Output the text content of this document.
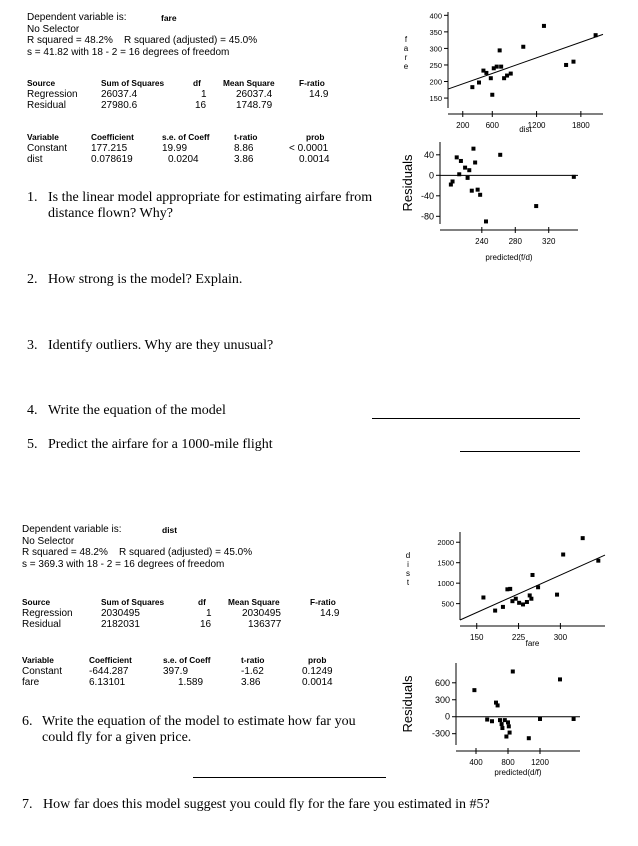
Dependent variable is:	fare
No Selector
R squared = 48.2%    R squared (adjusted) = 45.0%
s = 41.82 with 18 - 2 = 16 degrees of freedom
Source	Sum of Squares	df	Mean Square	F-ratio
Regression 26037.4	1	26037.4	14.9
Residual	27980.6	16	1748.79
Variable	Coefficient	s.e. of Coeff	t-ratio	prob
Constant 177.215	19.99	8.86	< 0.0001
dist	0.078619	0.0204	3.86	0.0014
1. Is the linear model appropriate for estimating airfare from distance flown? Why?
2. How strong is the model? Explain.
3. Identify outliers. Why are they unusual?
4. Write the equation of the model
5. Predict the airfare for a 1000-mile flight
Dependent variable is:	dist
No Selector
R squared = 48.2%    R squared (adjusted) = 45.0%
s = 369.3 with 18 - 2 = 16 degrees of freedom
Source	Sum of Squares	df	Mean Square	F-ratio
Regression	2030495	1	2030495	14.9
Residual	2182031	16	136377
Variable	Coefficient	s.e. of Coeff	t-ratio	prob
Constant	-644.287	397.9	-1.62	0.1249
fare	6.13101	1.589	3.86	0.0014
6. Write the equation of the model to estimate how far you could fly for a given price.
7. How far does this model suggest you could fly for the fare you estimated in #5?
150
200
250
300
350
400
200 600	1200	1800
dist
f
a
r
e
-80
-40
0
40
240	280	320
predicted(f/d)
Residuals
500
1000
1500
2000
150	225	300
fare
d
i
s
t
-300
0
300
600
400 800 1200
predicted(d/f)
Residuals
